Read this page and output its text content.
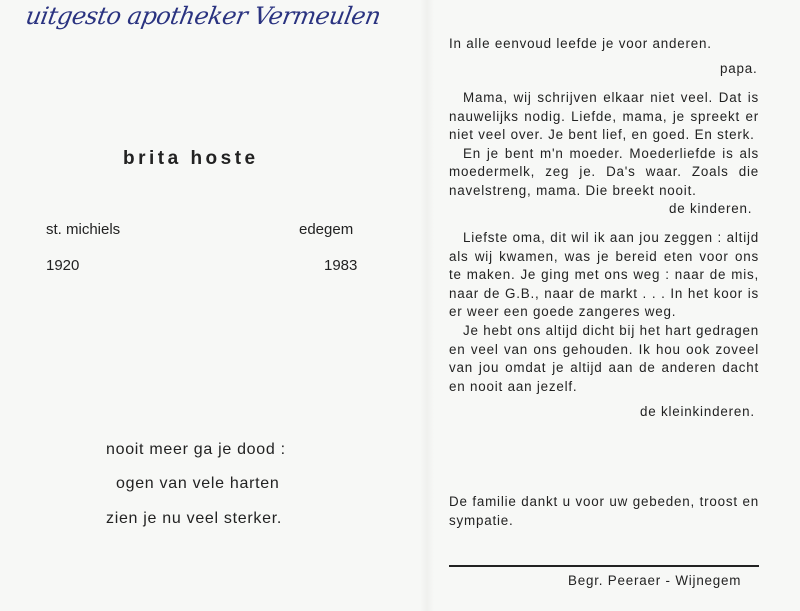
uitgesto apotheker Vermeulen
brita hoste
st. michiels	edegem
1920	1983
nooit meer ga je dood :
ogen van vele harten
zien je nu veel sterker.
In alle eenvoud leefde je voor anderen.
papa.

Mama, wij schrijven elkaar niet veel. Dat is nauwelijks nodig. Liefde, mama, je spreekt er niet veel over. Je bent lief, en goed. En sterk.

En je bent m'n moeder. Moederliefde is als moedermelk, zeg je. Da's waar. Zoals die navelstreng, mama. Die breekt nooit.

de kinderen.

Liefste oma, dit wil ik aan jou zeggen : altijd als wij kwamen, was je bereid eten voor ons te maken. Je ging met ons weg : naar de mis, naar de G.B., naar de markt . . . In het koor is er weer een goede zangeres weg.

Je hebt ons altijd dicht bij het hart gedragen en veel van ons gehouden. Ik hou ook zoveel van jou omdat je altijd aan de anderen dacht en nooit aan jezelf.

de kleinkinderen.
De familie dankt u voor uw gebeden, troost en sympatie.
Begr. Peeraer - Wijnegem
